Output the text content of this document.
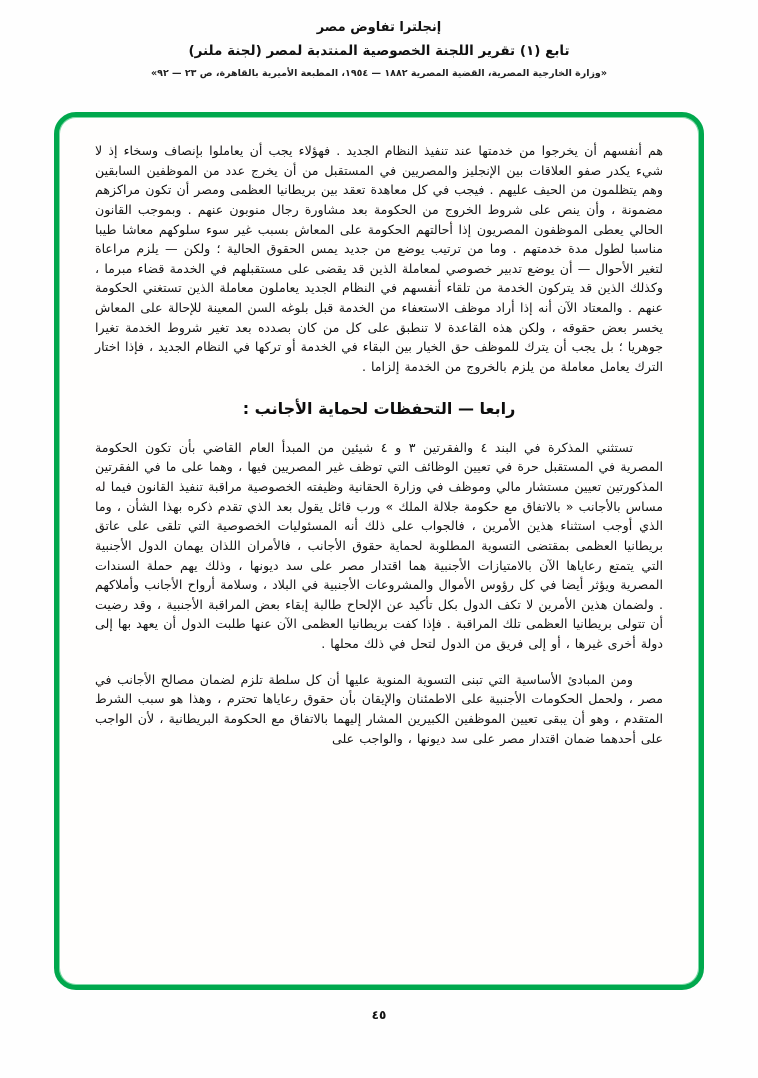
إنجلترا تفاوض مصر
تابع (١) تقرير اللجنة الخصوصية المنتدبة لمصر (لجنة ملنر)
«وزارة الخارجية المصرية، القضية المصرية ١٨٨٢ — ١٩٥٤، المطبعة الأميرية بالقاهرة، ص ٢٣ — ٩٢»

هم أنفسهم أن يخرجوا من خدمتها عند تنفيذ النظام الجديد . فهؤلاء يجب أن يعاملوا بإنصاف وسخاء إذ لا شيء يكدر صفو العلاقات بين الإنجليز والمصريين في المستقبل من أن يخرج عدد من الموظفين السابقين وهم يتظلمون من الحيف عليهم . فيجب في كل معاهدة تعقد بين بريطانيا العظمى ومصر أن تكون مراكزهم مضمونة ، وأن ينص على شروط الخروج من الحكومة بعد مشاورة رجال منوبون عنهم . وبموجب القانون الحالي يعطى الموظفون المصريون إذا أحالتهم الحكومة على المعاش بسبب غير سوء سلوكهم معاشا طيبا مناسبا لطول مدة خدمتهم . وما من ترتيب يوضع من جديد يمس الحقوق الحالية ؛ ولكن — يلزم مراعاة لتغير الأحوال — أن يوضع تدبير خصوصي لمعاملة الذين قد يقضى على مستقبلهم في الخدمة قضاء مبرما ، وكذلك الذين قد يتركون الخدمة من تلقاء أنفسهم في النظام الجديد يعاملون معاملة الذين تستغني الحكومة عنهم . والمعتاد الآن أنه إذا أراد موظف الاستعفاء من الخدمة قبل بلوغه السن المعينة للإحالة على المعاش يخسر بعض حقوقه ، ولكن هذه القاعدة لا تنطبق على كل من كان بصدده بعد تغير شروط الخدمة تغيرا جوهريا ؛ بل يجب أن يترك للموظف حق الخيار بين البقاء في الخدمة أو تركها في النظام الجديد ، فإذا اختار الترك يعامل معاملة من يلزم بالخروج من الخدمة إلزاما .

رابعا — التحفظات لحماية الأجانب :

تستثني المذكرة في البند ٤ والفقرتين ٣ و ٤ شيئين من المبدأ العام القاضي بأن تكون الحكومة المصرية في المستقبل حرة في تعيين الوظائف التي توظف غير المصريين فيها ، وهما على ما في الفقرتين المذكورتين تعيين مستشار مالي وموظف في وزارة الحقانية وظيفته الخصوصية مراقبة تنفيذ القانون فيما له مساس بالأجانب « بالاتفاق مع حكومة جلالة الملك » ورب قائل يقول بعد الذي تقدم ذكره بهذا الشأن ، وما الذي أوجب استثناء هذين الأمرين ، فالجواب على ذلك أنه المسئوليات الخصوصية التي تلقى على عاتق بريطانيا العظمى بمقتضى التسوية المطلوبة لحماية حقوق الأجانب ، فالأمران اللذان يهمان الدول الأجنبية التي يتمتع رعاياها الآن بالامتيازات الأجنبية هما اقتدار مصر على سد ديونها ، وذلك يهم حملة السندات المصرية ويؤثر أيضا في كل رؤوس الأموال والمشروعات الأجنبية في البلاد ، وسلامة أرواح الأجانب وأملاكهم . ولضمان هذين الأمرين لا تكف الدول بكل تأكيد عن الإلحاح طالبة إبقاء بعض المراقبة الأجنبية ، وقد رضيت أن تتولى بريطانيا العظمى تلك المراقبة . فإذا كفت بريطانيا العظمى الآن عنها طلبت الدول أن يعهد بها إلى دولة أخرى غيرها ، أو إلى فريق من الدول لتحل في ذلك محلها .

ومن المبادئ الأساسية التي تبنى التسوية المنوية عليها أن كل سلطة تلزم لضمان مصالح الأجانب في مصر ، ولحمل الحكومات الأجنبية على الاطمئنان والإيقان بأن حقوق رعاياها تحترم ، وهذا هو سبب الشرط المتقدم ، وهو أن يبقى تعيين الموظفين الكبيرين المشار إليهما بالاتفاق مع الحكومة البريطانية ، لأن الواجب على أحدهما ضمان اقتدار مصر على سد ديونها ، والواجب على

٤٥
